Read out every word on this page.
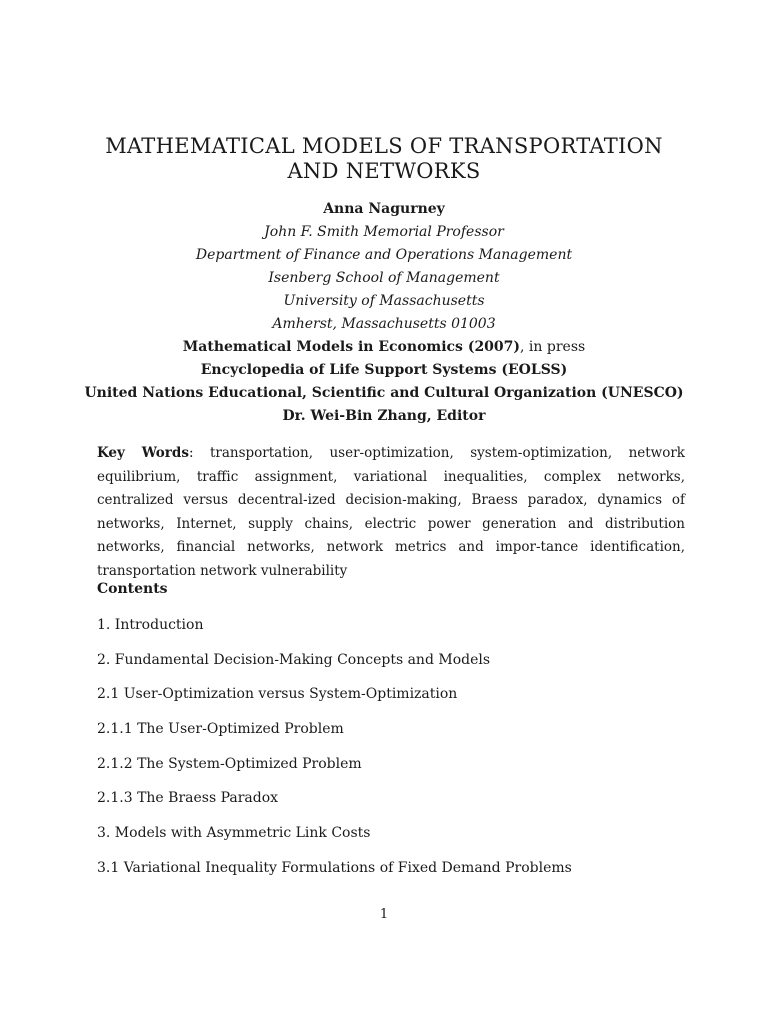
MATHEMATICAL MODELS OF TRANSPORTATION
AND NETWORKS
Anna Nagurney
John F. Smith Memorial Professor
Department of Finance and Operations Management
Isenberg School of Management
University of Massachusetts
Amherst, Massachusetts 01003
Mathematical Models in Economics (2007), in press
Encyclopedia of Life Support Systems (EOLSS)
United Nations Educational, Scientific and Cultural Organization (UNESCO)
Dr. Wei-Bin Zhang, Editor
Key Words: transportation, user-optimization, system-optimization, network equilibrium, traffic assignment, variational inequalities, complex networks, centralized versus decentral-ized decision-making, Braess paradox, dynamics of networks, Internet, supply chains, electric power generation and distribution networks, financial networks, network metrics and impor-tance identification, transportation network vulnerability
Contents
1. Introduction
2. Fundamental Decision-Making Concepts and Models
2.1 User-Optimization versus System-Optimization
2.1.1 The User-Optimized Problem
2.1.2 The System-Optimized Problem
2.1.3 The Braess Paradox
3. Models with Asymmetric Link Costs
3.1 Variational Inequality Formulations of Fixed Demand Problems
1
